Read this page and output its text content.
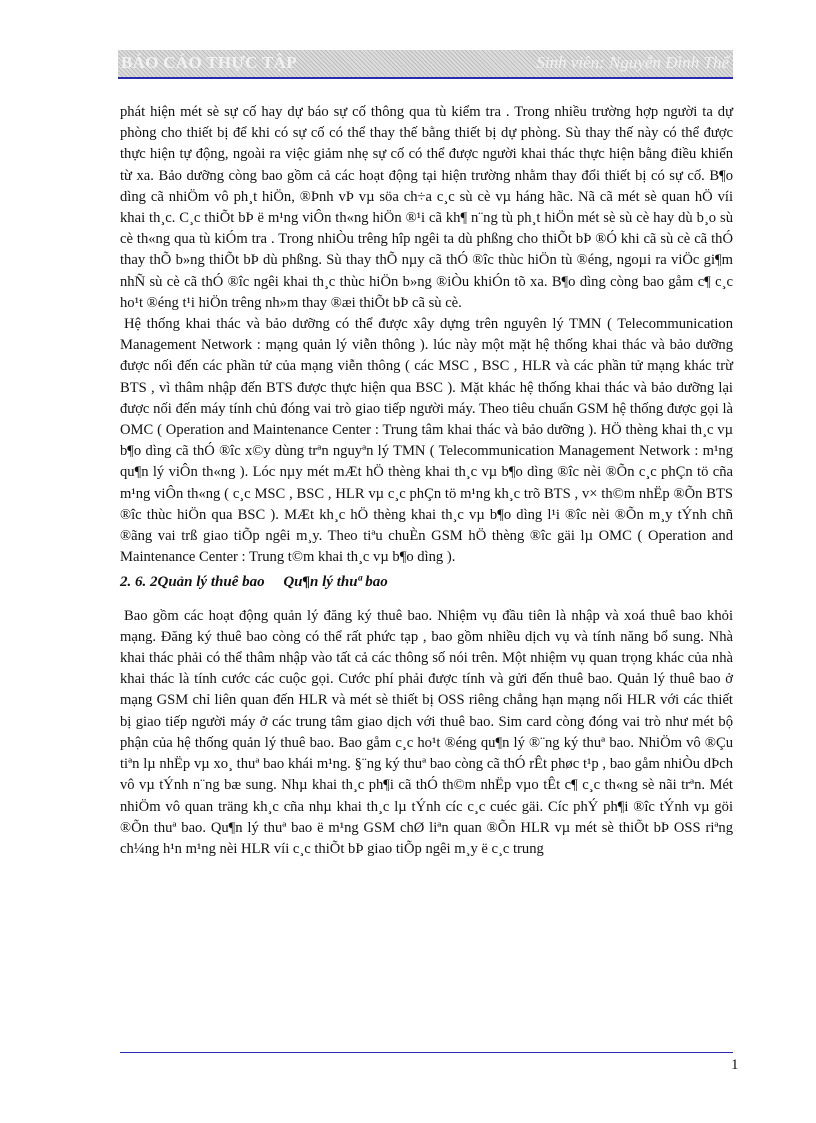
BÁO CÁO THỰC TẬP	Sinh viên: Nguyễn Đình Thế

phát hiện mét sè sự cố hay dự báo sự cố thông qua tù kiểm tra . Trong nhiều trường hợp người ta dự phòng cho thiết bị để khi có sự cố có thể thay thế bằng thiết bị dự phòng. Sù thay thế này có thể được thực hiện tự động, ngoài ra việc giảm nhẹ sự cố có thể được người khai thác thực hiện bằng điều khiển từ xa. Bảo dưỡng còng bao gồm cả các hoạt động tại hiện trường nhằm thay đổi thiết bị có sự cố. B¶o dìng cã nhiÖm vô ph¸t hiÖn, ®Þnh vÞ vµ söa ch÷a c¸c sù cè vµ háng hãc. Nã cã mét sè quan hÖ víi khai th¸c. C¸c thiÕt bÞ ë m¹ng viÔn th«ng hiÖn ®¹i cã kh¶ n¨ng tù ph¸t hiÖn mét sè sù cè hay dù b¸o sù cè th«ng qua tù kiÓm tra . Trong nhiÒu trêng hîp ngêi ta dù phßng cho thiÕt bÞ ®Ó khi cã sù cè cã thÓ thay thÕ b»ng thiÕt bÞ dù phßng. Sù thay thÕ nµy cã thÓ ®îc thùc hiÖn tù ®éng, ngoµi ra viÖc gi¶m nhÑ sù cè cã thÓ ®îc ngêi khai th¸c thùc hiÖn b»ng ®iÒu khiÓn tõ xa. B¶o dìng còng bao gåm c¶ c¸c ho¹t ®éng t¹i hiÖn trêng nh»m thay ®æi thiÕt bÞ cã sù cè.

Hệ thống khai thác và bảo dưỡng có thể được xây dựng trên nguyên lý TMN ( Telecommunication Management Network : mạng quản lý viễn thông ). lúc này một mặt hệ thống khai thác và bảo dưỡng được nối đến các phần tử của mạng viễn thông ( các MSC , BSC , HLR và các phần tử mạng khác trừ BTS , vì thâm nhập đến BTS được thực hiện qua BSC ). Mặt khác hệ thống khai thác và bảo dưỡng lại được nối đến máy tính chủ đóng vai trò giao tiếp người máy. Theo tiêu chuẩn GSM hệ thống được gọi là OMC ( Operation and Maintenance Center : Trung tâm khai thác và bảo dưỡng ). HÖ thèng khai th¸c vµ b¶o dìng cã thÓ ®îc x©y dùng trªn nguyªn lý TMN ( Telecommunication Management Network : m¹ng qu¶n lý viÔn th«ng ). Lóc nµy mét mÆt hÖ thèng khai th¸c vµ b¶o dìng ®îc nèi ®Õn c¸c phÇn tö cña m¹ng viÔn th«ng ( c¸c MSC , BSC , HLR vµ c¸c phÇn tö m¹ng kh¸c trõ BTS , v× th©m nhËp ®Õn BTS ®îc thùc hiÖn qua BSC ). MÆt kh¸c hÖ thèng khai th¸c vµ b¶o dìng l¹i ®îc nèi ®Õn m¸y tÝnh chñ ®ãng vai trß giao tiÕp ngêi m¸y. Theo tiªu chuÈn GSM hÖ thèng ®îc gäi lµ OMC ( Operation and Maintenance Center : Trung t©m khai th¸c vµ b¶o dìng ).

2. 6. 2Quản lý thuê bao     Qu¶n lý thuª bao

Bao gồm các hoạt động quản lý đăng ký thuê bao. Nhiệm vụ đầu tiên là nhập và xoá thuê bao khỏi mạng. Đăng ký thuê bao còng có thể rất phức tạp , bao gồm nhiều dịch vụ và tính năng bổ sung. Nhà khai thác phải có thể thâm nhập vào tất cả các thông số nói trên. Một nhiệm vụ quan trọng khác của nhà khai thác là tính cước các cuộc gọi. Cước phí phải được tính và gửi đến thuê bao. Quản lý thuê bao ở mạng GSM chỉ liên quan đến HLR và mét sè thiết bị OSS riêng chẳng hạn mạng nối HLR với các thiết bị giao tiếp người máy ở các trung tâm giao dịch với thuê bao. Sim card còng đóng vai trò như mét bộ phận của hệ thống quản lý thuê bao. Bao gåm c¸c ho¹t ®éng qu¶n lý ®¨ng ký thuª bao. NhiÖm vô ®Çu tiªn lµ nhËp vµ xo¸ thuª bao khái m¹ng. §¨ng ký thuª bao còng cã thÓ rÊt phøc t¹p , bao gåm nhiÒu dÞch vô vµ tÝnh n¨ng bæ sung. Nhµ khai th¸c ph¶i cã thÓ th©m nhËp vµo tÊt c¶ c¸c th«ng sè nãi trªn. Mét nhiÖm vô quan träng kh¸c cña nhµ khai th¸c lµ tÝnh cíc c¸c cuéc gäi. Cíc phÝ ph¶i ®îc tÝnh vµ göi ®Õn thuª bao. Qu¶n lý thuª bao ë m¹ng GSM chØ liªn quan ®Õn HLR vµ mét sè thiÕt bÞ OSS riªng ch¼ng h¹n m¹ng nèi HLR víi c¸c thiÕt bÞ giao tiÕp ngêi m¸y ë c¸c trung

1
